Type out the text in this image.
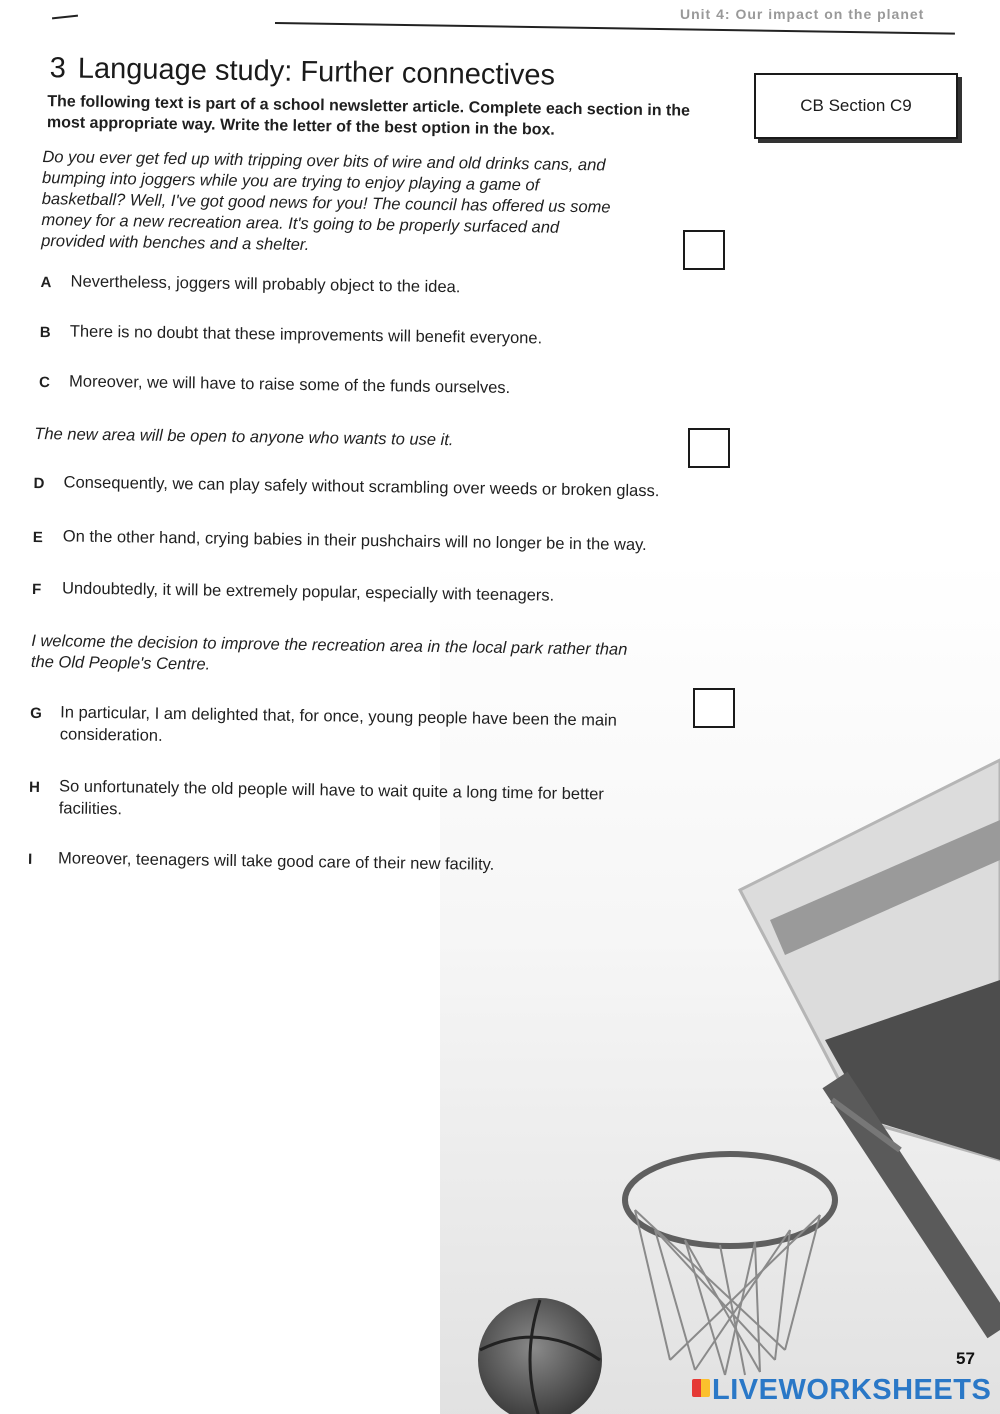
Unit 4: Our impact on the planet
CB Section C9
3 Language study: Further connectives
The following text is part of a school newsletter article. Complete each section in the most appropriate way. Write the letter of the best option in the box.

Do you ever get fed up with tripping over bits of wire and old drinks cans, and bumping into joggers while you are trying to enjoy playing a game of basketball? Well, I've got good news for you! The council has offered us some money for a new recreation area. It's going to be properly surfaced and provided with benches and a shelter.

A	Nevertheless, joggers will probably object to the idea.
B	There is no doubt that these improvements will benefit everyone.
C	Moreover, we will have to raise some of the funds ourselves.

The new area will be open to anyone who wants to use it.

D	Consequently, we can play safely without scrambling over weeds or broken glass.
E	On the other hand, crying babies in their pushchairs will no longer be in the way.
F	Undoubtedly, it will be extremely popular, especially with teenagers.

I welcome the decision to improve the recreation area in the local park rather than the Old People's Centre.

G	In particular, I am delighted that, for once, young people have been the main consideration.
H	So unfortunately the old people will have to wait quite a long time for better facilities.
I	Moreover, teenagers will take good care of their new facility.
57
LIVEWORKSHEETS
